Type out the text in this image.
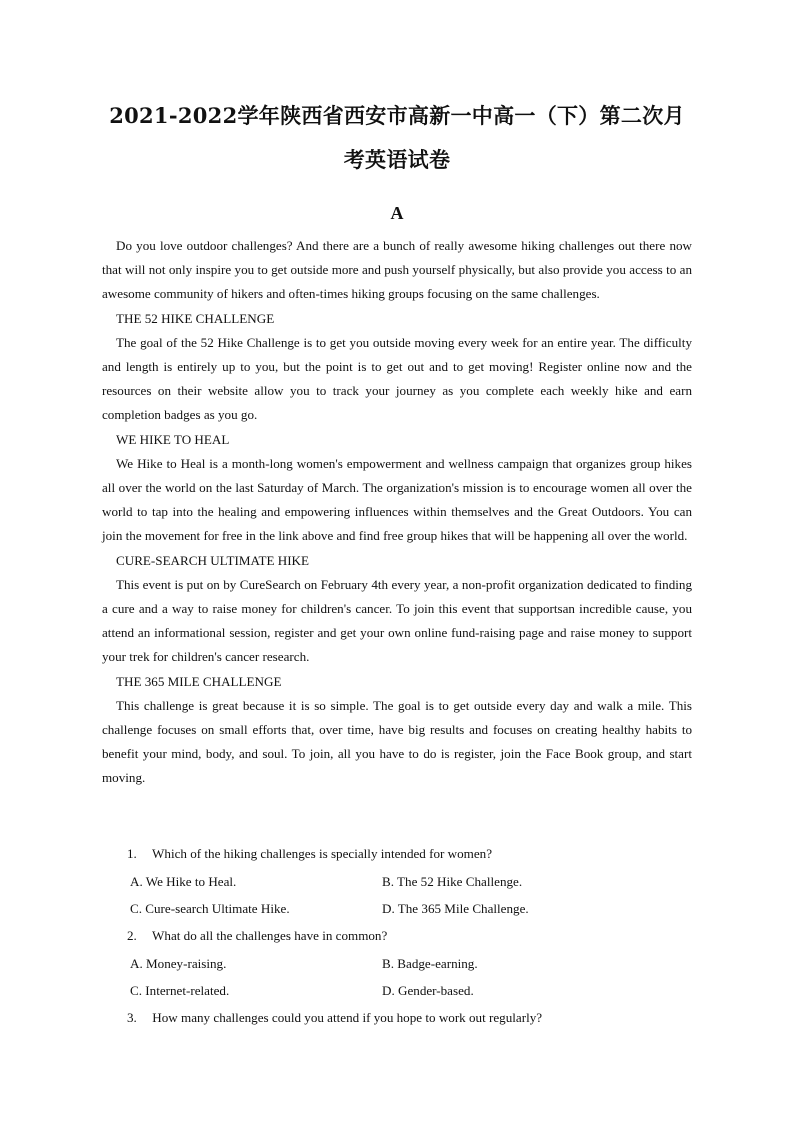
2021-2022学年陕西省西安市高新一中高一（下）第二次月考英语试卷
A

Do you love outdoor challenges? And there are a bunch of really awesome hiking challenges out there now that will not only inspire you to get outside more and push yourself physically, but also provide you access to an awesome community of hikers and often-times hiking groups focusing on the same challenges.

THE 52 HIKE CHALLENGE

The goal of the 52 Hike Challenge is to get you outside moving every week for an entire year. The difficulty and length is entirely up to you, but the point is to get out and to get moving! Register online now and the resources on their website allow you to track your journey as you complete each weekly hike and earn completion badges as you go.

WE HIKE TO HEAL

We Hike to Heal is a month-long women's empowerment and wellness campaign that organizes group hikes all over the world on the last Saturday of March. The organization's mission is to encourage women all over the world to tap into the healing and empowering influences within themselves and the Great Outdoors. You can join the movement for free in the link above and find free group hikes that will be happening all over the world.

CURE-SEARCH ULTIMATE HIKE

This event is put on by CureSearch on February 4th every year, a non-profit organization dedicated to finding a cure and a way to raise money for children's cancer. To join this event that supportsan incredible cause, you attend an informational session, register and get your own online fund-raising page and raise money to support your trek for children's cancer research.

THE 365 MILE CHALLENGE

This challenge is great because it is so simple. The goal is to get outside every day and walk a mile. This challenge focuses on small efforts that, over time, have big results and focuses on creating healthy habits to benefit your mind, body, and soul. To join, all you have to do is register, join the Face Book group, and start moving.

1. Which of the hiking challenges is specially intended for women?
A. We Hike to Heal.	B. The 52 Hike Challenge.
C. Cure-search Ultimate Hike.	D. The 365 Mile Challenge.
2. What do all the challenges have in common?
A. Money-raising.	B. Badge-earning.
C. Internet-related.	D. Gender-based.
3. How many challenges could you attend if you hope to work out regularly?
